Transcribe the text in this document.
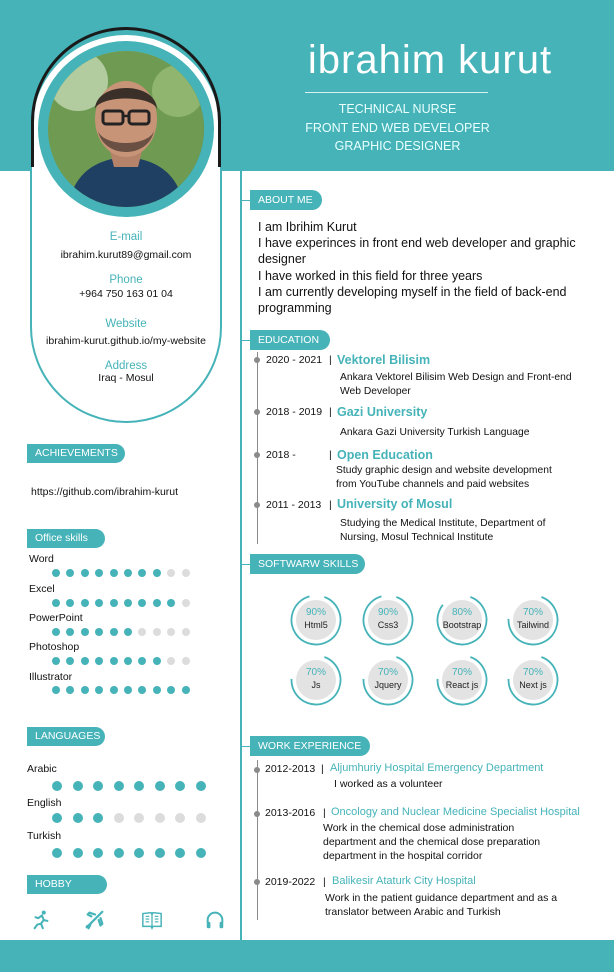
ibrahim kurut
TECHNICAL NURSE
FRONT END WEB DEVELOPER
GRAPHIC DESIGNER
E-mail
ibrahim.kurut89@gmail.com
Phone
+964 750 163 01 04
Website
ibrahim-kurut.github.io/my-website
Address
Iraq - Mosul
ACHIEVEMENTS
https://github.com/ibrahim-kurut
Office skills
Word
Excel
PowerPoint
Photoshop
Illustrator
LANGUAGES
Arabic
English
Turkish
HOBBY
ABOUT ME
I am Ibrihim Kurut
I have experinces in front end web developer and graphic designer
I have worked in this field for three years
I am currently developing myself in the field of back-end programming
EDUCATION
2020 - 2021 | Vektorel Bilisim
Ankara Vektorel Bilisim Web Design and Front-end
Web Developer
2018 - 2019 | Gazi University
Ankara Gazi University Turkish Language
2018 -	| Open Education
Study graphic design and website development
from YouTube channels and paid websites
2011 - 2013 | University of Mosul
Studying the Medical Institute, Department of
Nursing, Mosul Technical Institute
SOFTWARW SKILLS
90%
Html5
90%
Css3
80%
Bootstrap
70%
Tailwind
70%
Js
70%
Jquery
70%
React js
70%
Next js
WORK EXPERIENCE
2012-2013 | Aljumhuriy Hospital Emergency Department
I worked as a volunteer
2013-2016 | Oncology and Nuclear Medicine Specialist Hospital
Work in the chemical dose administration
department and the chemical dose preparation
department in the hospital corridor
2019-2022 | Balikesir Ataturk City Hospital
Work in the patient guidance department and as a
translator between Arabic and Turkish
